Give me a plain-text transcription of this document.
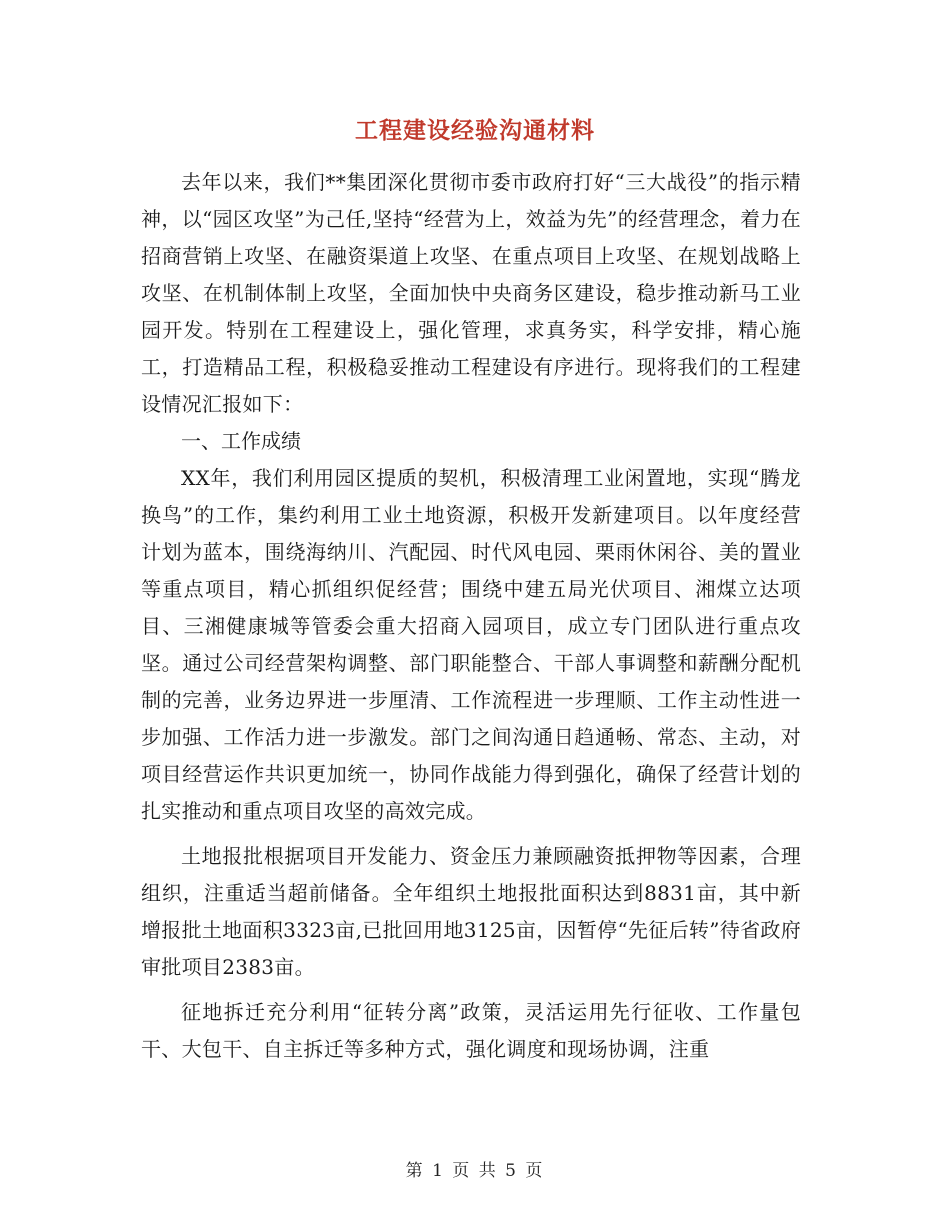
工程建设经验沟通材料

去年以来，我们**集团深化贯彻市委市政府打好“三大战役”的指示精神，以“园区攻坚”为己任,坚持“经营为上，效益为先”的经营理念，着力在招商营销上攻坚、在融资渠道上攻坚、在重点项目上攻坚、在规划战略上攻坚、在机制体制上攻坚，全面加快中央商务区建设，稳步推动新马工业园开发。特别在工程建设上，强化管理，求真务实，科学安排，精心施工，打造精品工程，积极稳妥推动工程建设有序进行。现将我们的工程建设情况汇报如下：

一、工作成绩

XX年，我们利用园区提质的契机，积极清理工业闲置地，实现“腾龙换鸟”的工作，集约利用工业土地资源，积极开发新建项目。以年度经营计划为蓝本，围绕海纳川、汽配园、时代风电园、栗雨休闲谷、美的置业等重点项目，精心抓组织促经营；围绕中建五局光伏项目、湘煤立达项目、三湘健康城等管委会重大招商入园项目，成立专门团队进行重点攻坚。通过公司经营架构调整、部门职能整合、干部人事调整和薪酬分配机制的完善，业务边界进一步厘清、工作流程进一步理顺、工作主动性进一步加强、工作活力进一步激发。部门之间沟通日趋通畅、常态、主动，对项目经营运作共识更加统一，协同作战能力得到强化，确保了经营计划的扎实推动和重点项目攻坚的高效完成。

土地报批根据项目开发能力、资金压力兼顾融资抵押物等因素，合理组织，注重适当超前储备。全年组织土地报批面积达到8831亩，其中新增报批土地面积3323亩,已批回用地3125亩，因暂停“先征后转”待省政府审批项目2383亩。

征地拆迁充分利用“征转分离”政策，灵活运用先行征收、工作量包干、大包干、自主拆迁等多种方式，强化调度和现场协调，注重

第 1 页 共 5 页
